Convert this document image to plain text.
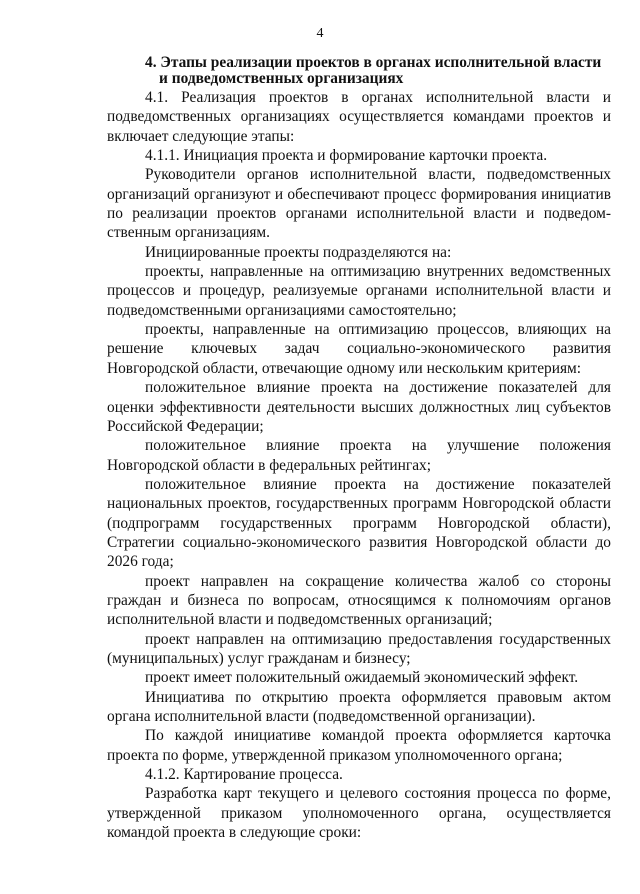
4
4. Этапы реализации проектов в органах исполнительной власти и подведомственных организациях

4.1. Реализация проектов в органах исполнительной власти и подведомственных организациях осуществляется командами проектов и включает следующие этапы:

4.1.1. Инициация проекта и формирование карточки проекта.

Руководители органов исполнительной власти, подведомственных организаций организуют и обеспечивают процесс формирования инициатив по реализации проектов органами исполнительной власти и подведомственным организациям.

Инициированные проекты подразделяются на:

проекты, направленные на оптимизацию внутренних ведомственных процессов и процедур, реализуемые органами исполнительной власти и подведомственными организациями самостоятельно;

проекты, направленные на оптимизацию процессов, влияющих на решение ключевых задач социально-экономического развития Новгородской области, отвечающие одному или нескольким критериям:

положительное влияние проекта на достижение показателей для оценки эффективности деятельности высших должностных лиц субъектов Российской Федерации;

положительное влияние проекта на улучшение положения Новгородской области в федеральных рейтингах;

положительное влияние проекта на достижение показателей национальных проектов, государственных программ Новгородской области (подпрограмм государственных программ Новгородской области), Стратегии социально-экономического развития Новгородской области до 2026 года;

проект направлен на сокращение количества жалоб со стороны граждан и бизнеса по вопросам, относящимся к полномочиям органов исполнительной власти и подведомственных организаций;

проект направлен на оптимизацию предоставления государственных (муниципальных) услуг гражданам и бизнесу;

проект имеет положительный ожидаемый экономический эффект.

Инициатива по открытию проекта оформляется правовым актом органа исполнительной власти (подведомственной организации).

По каждой инициативе командой проекта оформляется карточка проекта по форме, утвержденной приказом уполномоченного органа;

4.1.2. Картирование процесса.

Разработка карт текущего и целевого состояния процесса по форме, утвержденной приказом уполномоченного органа, осуществляется командой проекта в следующие сроки:
